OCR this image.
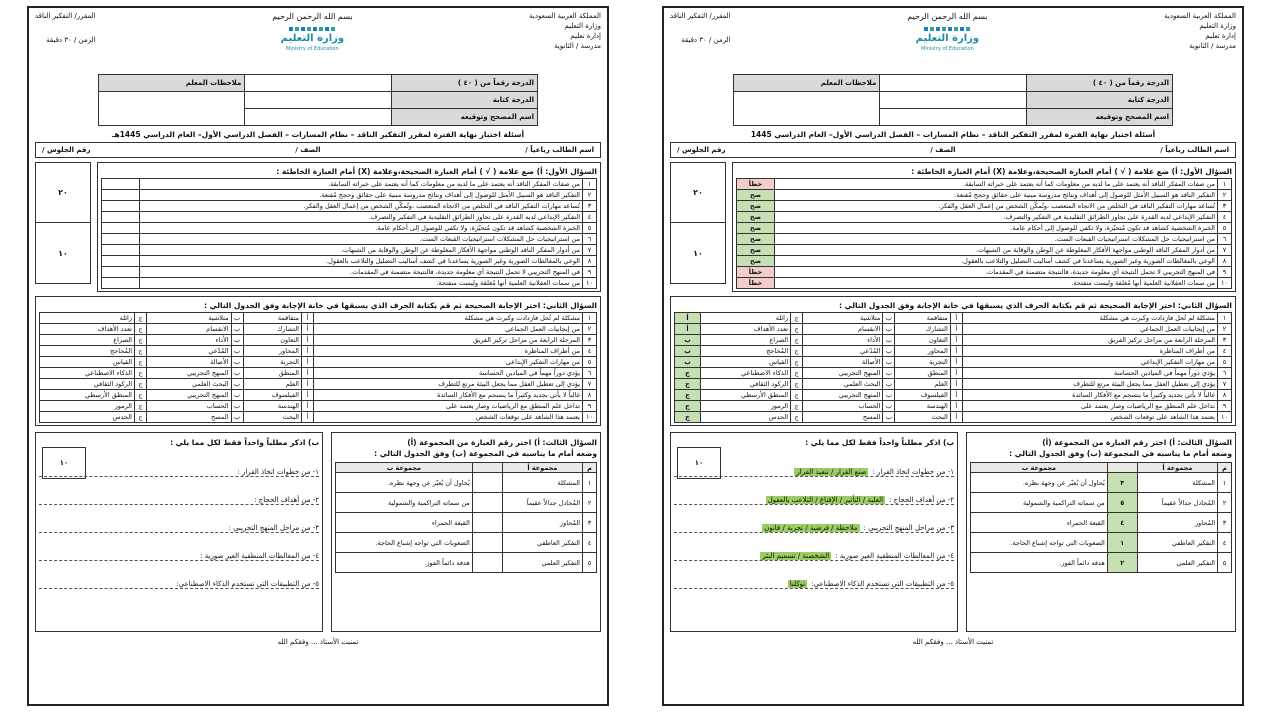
المملكة العربية السعودية
وزارة التعليم
إدارة تعليم
مدرسة / الثانوية
بسم الله الرحمن الرحيم
وزارة التعليم
Ministry of Education
المقرر/ التفكير الناقد
الزمن / ٣٠ دقيقة
الدرجة رقماً من ( ٤٠ )		ملاحظات المعلم
الدرجة كتابة		
اسم المصحح وتوقيعه		
أسئلة اختبار نهاية الفترة لمقرر التفكير الناقد – نظام المسارات – الفصل الدراسي الأول– العام الدراسي 1445
اسم الطالب رباعياً /
الصف /
رقم الجلوس /
السؤال الأول: أ) ضع علامة ( √ ) أمام العبارة الصحيحة،وعلامة (X) أمام العبارة الخاطئة :
١	من صفات المفكر الناقد أنه يعتمد على ما لديه من معلومات كما أنه يعتمد على خبراته السابقة.	خطأ
٢	التفكير الناقد هو السبيل الأمثل للوصول إلى أهداف ونتائج مدروسة مبنية على حقائق وحجج مُقنعة.	صح
٣	تُساعد مهارات التفكير الناقد في التخلص من الاتجاه المتعصب ،وتُمكّن الشخص من إعمال العقل والفكر.	صح
٤	التفكير الإبداعي لديه القدرة على تجاوز الطرائق التقليدية في التفكير والتصرف.	صح
٥	الخبرة الشخصية كشاهد قد تكون مُتحيّزة، ولا تكفي للوصول إلى أحكام عامة.	صح
٦	من استراتيجيات حل المشكلات استراتيجيات القبعات الست.	صح
٧	من أدوار المفكر الناقد الوطني مواجهة الأفكار المغلوطة عن الوطن والوقاية من الشبهات.	صح
٨	الوعي بالمغالطات الصورية وغير الصورية يساعدنا في كشف أساليب التضليل والتلاعب بالعقول.	صح
٩	في المنهج التجريبي لا تحمل النتيجة أي معلومة جديدة، فالنتيجة متضمنة في المقدمات.	خطأ
١٠	من سمات العقلانية العلمية أنها مُغلقة وليست منفتحة.	خطأ
٢٠
١٠
السؤال الثاني: اختر الإجابة الصحيحة ثم قم بكتابة الحرف الذي يسبقها في خانة الإجابة وفق الجدول التالي :
١	مشكلة لم تُحل فازدادت وكبرت هي مشكلة	أ	متفاقمة	ب	متلاشية	ج	زائلة	أ
٢	من إيجابيات العمل الجماعي	أ	التشارك	ب	الانقسام	ج	تعدد الأهداف	أ
٣	المرحلة الرابعة من مراحل تركيز الفريق	أ	التعاون	ب	الأداء	ج	الصراع	ب
٤	من أطراف المناظرة	أ	المحاور	ب	المُدّعي	ج	المُحاجج	ب
٥	من مهارات التفكير الإبداعي	أ	التجربة	ب	الأصالة	ج	القياس	ب
٦	يؤدي دوراً مهماً في الميادين الحساسة	أ	المنطق	ب	المنهج التجريبي	ج	الذكاء الاصطناعي	ج
٧	يؤدي إلى تعطيل العقل مما يجعل البيئة مرتع للتطرف	أ	العلم	ب	البحث العلمي	ج	الركود الثقافي	ج
٨	غالباً لا يأتي بجديد وكثيراً ما ينسجم مع الأفكار السائدة	أ	الفيلسوف	ب	المنهج التجريبي	ج	المنطق الأرسطي	ج
٩	تداخل علم المنطق مع الرياضيات وصار يعتمد على	أ	الهندسة	ب	الحساب	ج	الرموز	ج
١٠	يعتمد هذا الشاهد على توقعات الشخص	أ	البحث	ب	المسح	ج	الحدس	ج
السؤال الثالث: أ) اختر رقم العبارة من المجموعة (أ)
وضعه أمام ما يناسبه في المجموعة (ب) وفق الجدول التالي :
م	مجموعة أ		مجموعة ب
١	المشكلة	٣	يُحاول أن يُعبّر عن وجهة نظره.
٢	المُجادل جدالاً عقيماً	٥	من سماته التراكمية والشمولية
٣	المُحاور	٤	القبعة الحمراء
٤	التفكير العاطفي	١	الصعوبات التي تواجه إشباع الحاجة.
٥	التفكير العلمي	٢	هدفه دائماً الفوز.
١٠
ب) اذكر مطلباً واحداً فقط لكل مما يلي :
١- من خطوات اتخاذ القرار :
صنع القرار / تنفيذ القرار
٢- من أهداف الحجاج :
الغلبة / التأثير / الإقناع / التلاعب بالعقول
٣- من مراحل المنهج التجريبي :
ملاحظة / فرضية / تجربة / قانون
٤- من المغالطات المنطقية الغير صورية :
الشخصنة / تسميم البئر
٥- من التطبيقات التي تستخدم الذكاء الاصطناعي:
توكلنا
تمنيت الأستاذ ... وفقكم الله
المملكة العربية السعودية
وزارة التعليم
إدارة تعليم
مدرسة / الثانوية
بسم الله الرحمن الرحيم
وزارة التعليم
Ministry of Education
المقرر/ التفكير الناقد
الزمن / ٣٠ دقيقة
الدرجة رقماً من ( ٤٠ )		ملاحظات المعلم
الدرجة كتابة		
اسم المصحح وتوقيعه		
أسئلة اختبار نهاية الفترة لمقرر التفكير الناقد – نظام المسارات – الفصل الدراسي الأول– العام الدراسي 1445هـ
اسم الطالب رباعياً /
الصف /
رقم الجلوس /
السؤال الأول: أ) ضع علامة ( √ ) أمام العبارة الصحيحة،وعلامة (X) أمام العبارة الخاطئة :
١	من صفات المفكر الناقد أنه يعتمد على ما لديه من معلومات كما أنه يعتمد على خبراته السابقة.	
٢	التفكير الناقد هو السبيل الأمثل للوصول إلى أهداف ونتائج مدروسة مبنية على حقائق وحجج مُقنعة.	
٣	تُساعد مهارات التفكير الناقد في التخلص من الاتجاه المتعصب ،وتُمكّن الشخص من إعمال العقل والفكر.	
٤	التفكير الإبداعي لديه القدرة على تجاوز الطرائق التقليدية في التفكير والتصرف.	
٥	الخبرة الشخصية كشاهد قد تكون مُتحيّزة، ولا تكفي للوصول إلى أحكام عامة.	
٦	من استراتيجيات حل المشكلات استراتيجيات القبعات الست.	
٧	من أدوار المفكر الناقد الوطني مواجهة الأفكار المغلوطة عن الوطن والوقاية من الشبهات.	
٨	الوعي بالمغالطات الصورية وغير الصورية يساعدنا في كشف أساليب التضليل والتلاعب بالعقول.	
٩	في المنهج التجريبي لا تحمل النتيجة أي معلومة جديدة، فالنتيجة متضمنة في المقدمات.	
١٠	من سمات العقلانية العلمية أنها مُغلقة وليست منفتحة.	
٢٠
١٠
السؤال الثاني: اختر الإجابة الصحيحة ثم قم بكتابة الحرف الذي يسبقها في خانة الإجابة وفق الجدول التالي :
١	مشكلة لم تُحل فازدادت وكبرت هي مشكلة	أ	متفاقمة	ب	متلاشية	ج	زائلة
٢	من إيجابيات العمل الجماعي	أ	التشارك	ب	الانقسام	ج	تعدد الأهداف
٣	المرحلة الرابعة من مراحل تركيز الفريق	أ	التعاون	ب	الأداء	ج	الصراع
٤	من أطراف المناظرة	أ	المحاور	ب	المُدّعي	ج	المُحاجج
٥	من مهارات التفكير الإبداعي	أ	التجربة	ب	الأصالة	ج	القياس
٦	يؤدي دوراً مهماً في الميادين الحساسة	أ	المنطق	ب	المنهج التجريبي	ج	الذكاء الاصطناعي
٧	يؤدي إلى تعطيل العقل مما يجعل البيئة مرتع للتطرف	أ	العلم	ب	البحث العلمي	ج	الركود الثقافي
٨	غالباً لا يأتي بجديد وكثيراً ما ينسجم مع الأفكار السائدة	أ	الفيلسوف	ب	المنهج التجريبي	ج	المنطق الأرسطي
٩	تداخل علم المنطق مع الرياضيات وصار يعتمد على	أ	الهندسة	ب	الحساب	ج	الرموز
١٠	يعتمد هذا الشاهد على توقعات الشخص	أ	البحث	ب	المسح	ج	الحدس
السؤال الثالث: أ) اختر رقم العبارة من المجموعة (أ)
وضعه أمام ما يناسبه في المجموعة (ب) وفق الجدول التالي :
م	مجموعة أ		مجموعة ب
١	المشكلة		يُحاول أن يُعبّر عن وجهة نظره.
٢	المُجادل جدالاً عقيماً		من سماته التراكمية والشمولية
٣	المُحاور		القبعة الحمراء
٤	التفكير العاطفي		الصعوبات التي تواجه إشباع الحاجة.
٥	التفكير العلمي		هدفه دائماً الفوز.
١٠
ب) اذكر مطلباً واحداً فقط لكل مما يلي :
١- من خطوات اتخاذ القرار :
٢- من أهداف الحجاج :
٣- من مراحل المنهج التجريبي :
٤- من المغالطات المنطقية الغير صورية :
٥- من التطبيقات التي تستخدم الذكاء الاصطناعي:
تمنيت الأستاذ ... وفقكم الله
